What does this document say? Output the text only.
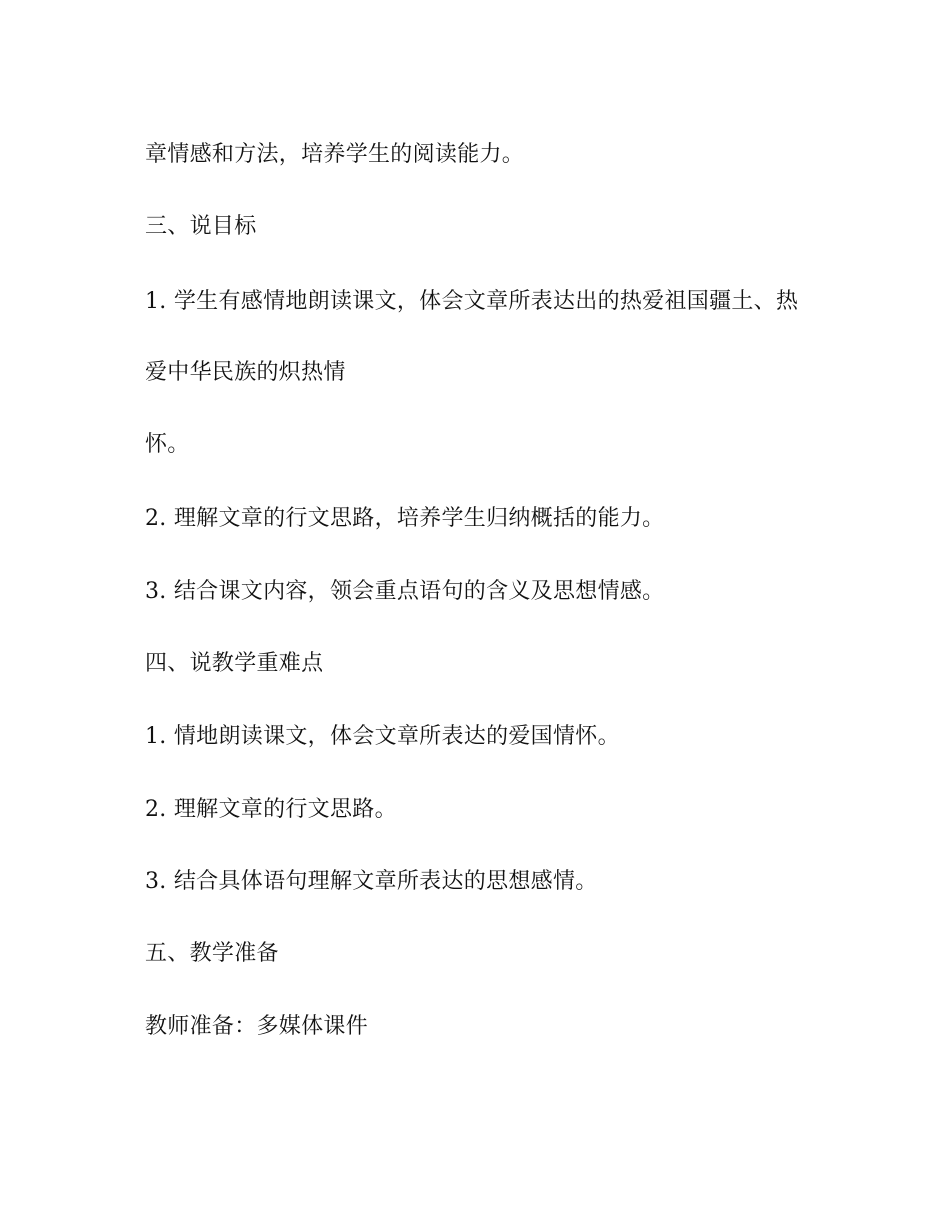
章情感和方法，培养学生的阅读能力。
三、说目标
1. 学生有感情地朗读课文，体会文章所表达出的热爱祖国疆土、热
爱中华民族的炽热情
怀。
2. 理解文章的行文思路，培养学生归纳概括的能力。
3. 结合课文内容，领会重点语句的含义及思想情感。
四、说教学重难点
1. 情地朗读课文，体会文章所表达的爱国情怀。
2. 理解文章的行文思路。
3. 结合具体语句理解文章所表达的思想感情。
五、教学准备
教师准备：多媒体课件
